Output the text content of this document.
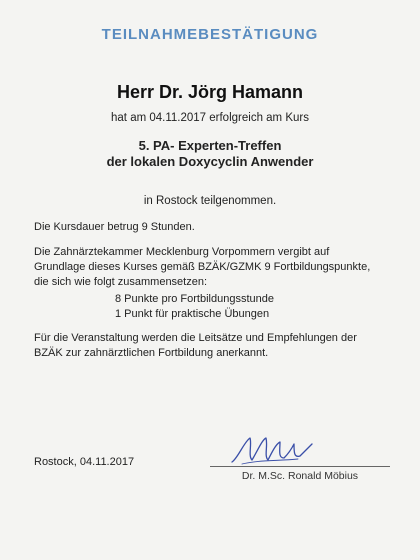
TEILNAHMEBESTÄTIGUNG
Herr Dr. Jörg Hamann
hat am 04.11.2017 erfolgreich am Kurs
5. PA- Experten-Treffen
der lokalen Doxycyclin Anwender
in Rostock teilgenommen.
Die Kursdauer betrug 9 Stunden.
Die Zahnärztekammer Mecklenburg Vorpommern vergibt auf
Grundlage dieses Kurses gemäß BZÄK/GZMK 9 Fortbildungspunkte,
die sich wie folgt zusammensetzen:
8 Punkte pro Fortbildungsstunde
1 Punkt für praktische Übungen
Für die Veranstaltung werden die Leitsätze und Empfehlungen der
BZÄK zur zahnärztlichen Fortbildung anerkannt.
Rostock, 04.11.2017
Dr. M.Sc. Ronald Möbius
